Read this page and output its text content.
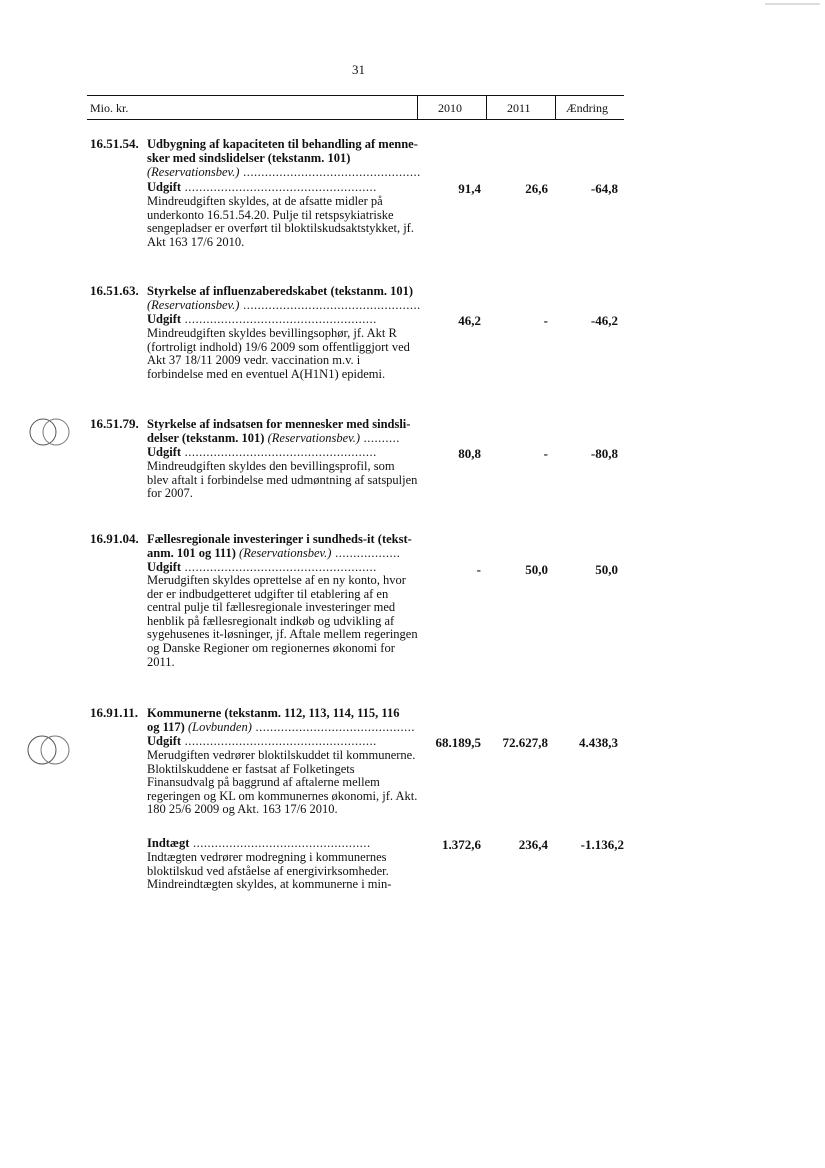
31
Mio. kr.	2010	2011	Ændring
16.51.54. Udbygning af kapaciteten til behandling af menne-
sker med sindslidelser (tekstanm. 101)
(Reservationsbev.) .................................................
Udgift .....................................................	91,4	26,6	-64,8
Mindreudgiften skyldes, at de afsatte midler på underkonto 16.51.54.20. Pulje til retspsykiatriske sengepladser er overført til bloktilskudsaktstykket, jf. Akt 163 17/6 2010.
16.51.63. Styrkelse af influenzaberedskabet (tekstanm. 101)
(Reservationsbev.) .................................................
Udgift .....................................................	46,2	-	-46,2
Mindreudgiften skyldes bevillingsophør, jf. Akt R (fortroligt indhold) 19/6 2009 som offentliggjort ved Akt 37 18/11 2009 vedr. vaccination m.v. i forbindelse med en eventuel A(H1N1) epidemi.
16.51.79. Styrkelse af indsatsen for mennesker med sindsli-
delser (tekstanm. 101) (Reservationsbev.) ..........
Udgift .....................................................	80,8	-	-80,8
Mindreudgiften skyldes den bevillingsprofil, som blev aftalt i forbindelse med udmøntning af satspuljen for 2007.
16.91.04. Fællesregionale investeringer i sundheds-it (tekst-
anm. 101 og 111) (Reservationsbev.) ..................
Udgift .....................................................	-	50,0	50,0
Merudgiften skyldes oprettelse af en ny konto, hvor der er indbudgetteret udgifter til etablering af en central pulje til fællesregionale investeringer med henblik på fællesregionalt indkøb og udvikling af sygehusenes it-løsninger, jf. Aftale mellem regeringen og Danske Regioner om regionernes økonomi for 2011.
16.91.11. Kommunerne (tekstanm. 112, 113, 114, 115, 116
og 117) (Lovbunden) ............................................
Udgift .....................................................	68.189,5	72.627,8	4.438,3
Merudgiften vedrører bloktilskuddet til kommunerne. Bloktilskuddene er fastsat af Folketingets Finansudvalg på baggrund af aftalerne mellem regeringen og KL om kommunernes økonomi, jf. Akt. 180 25/6 2009 og Akt. 163 17/6 2010.
Indtægt .................................................	1.372,6	236,4	-1.136,2
Indtægten vedrører modregning i kommunernes bloktilskud ved afståelse af energivirksomheder. Mindreindtægten skyldes, at kommunerne i min-
